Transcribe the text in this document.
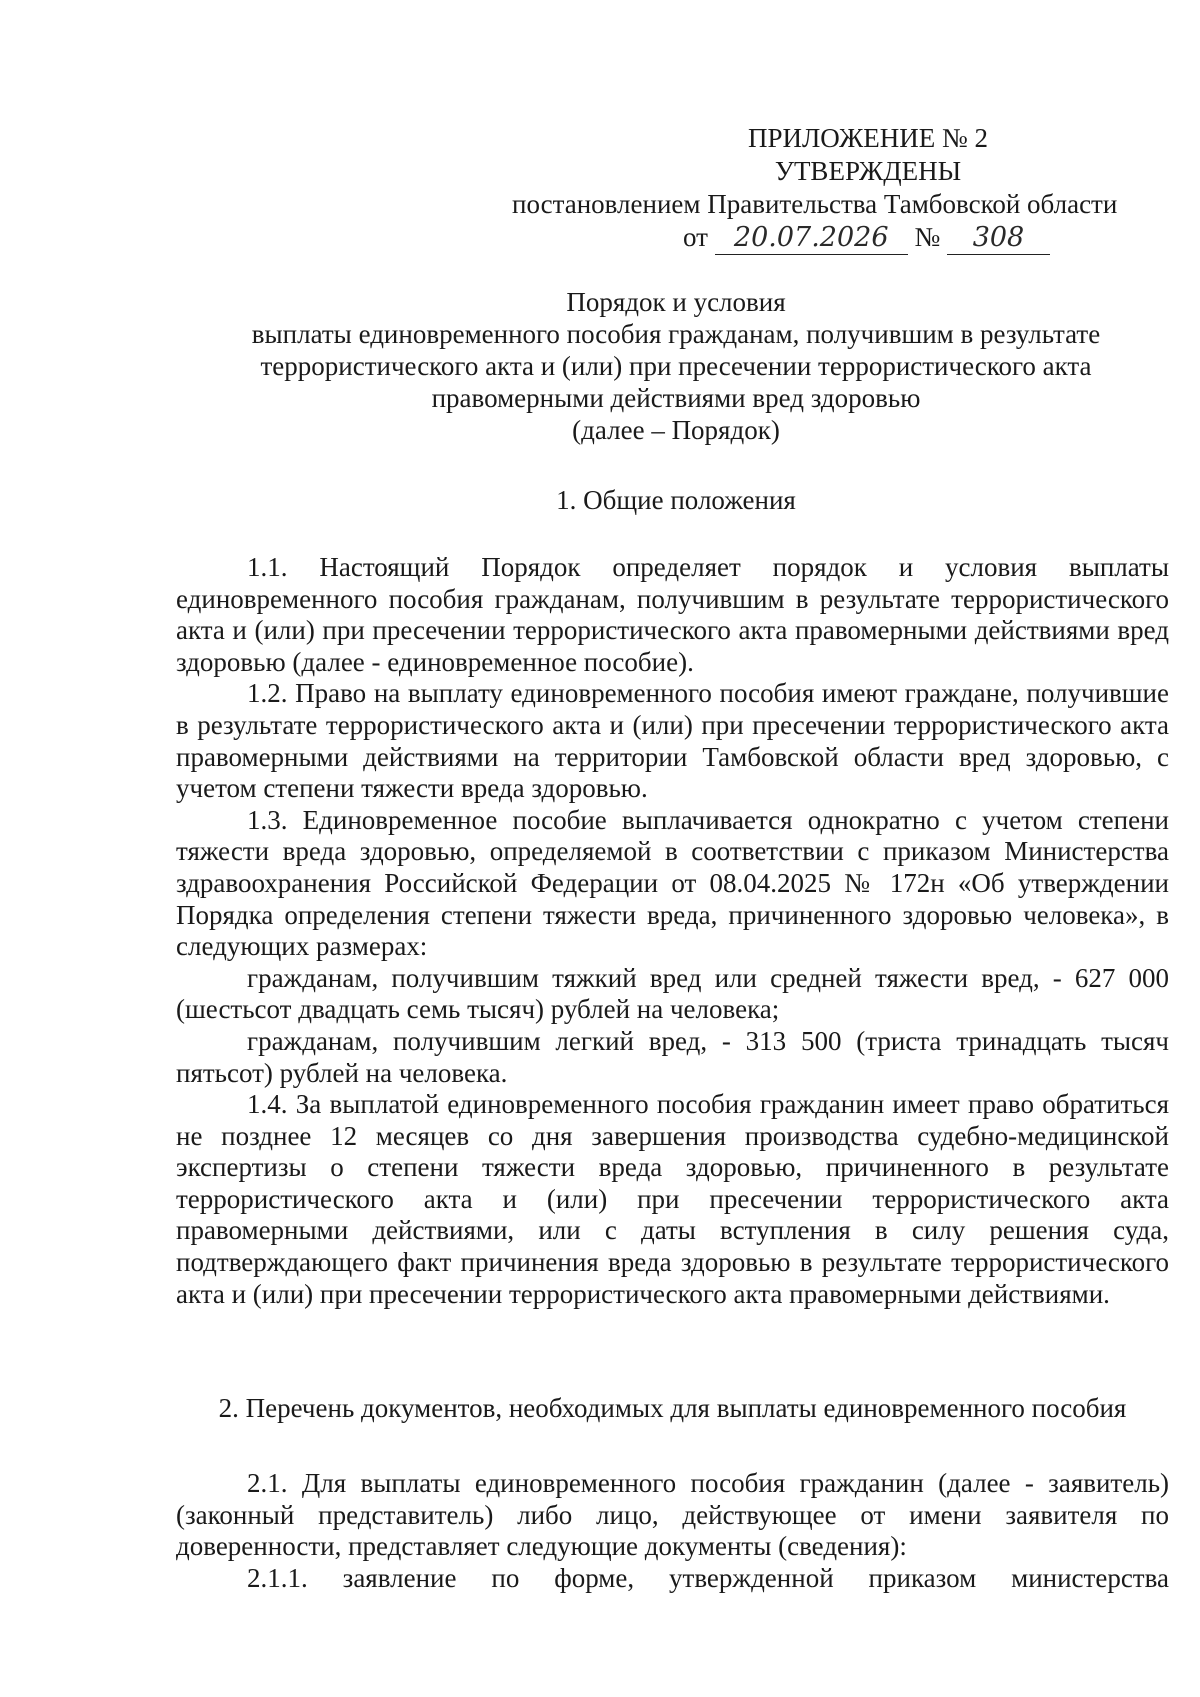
ПРИЛОЖЕНИЕ № 2
УТВЕРЖДЕНЫ
постановлением Правительства Тамбовской области
от 20.07.2026 № 308
Порядок и условия
выплаты единовременного пособия гражданам, получившим в результате
террористического акта и (или) при пресечении террористического акта
правомерными действиями вред здоровью
(далее – Порядок)
1. Общие положения

1.1. Настоящий Порядок определяет порядок и условия выплаты единовременного пособия гражданам, получившим в результате террористического акта и (или) при пресечении террористического акта правомерными действиями вред здоровью (далее - единовременное пособие).

1.2. Право на выплату единовременного пособия имеют граждане, получившие в результате террористического акта и (или) при пресечении террористического акта правомерными действиями на территории Тамбовской области вред здоровью, с учетом степени тяжести вреда здоровью.

1.3. Единовременное пособие выплачивается однократно с учетом степени тяжести вреда здоровью, определяемой в соответствии с приказом Министерства здравоохранения Российской Федерации от 08.04.2025 № 172н «Об утверждении Порядка определения степени тяжести вреда, причиненного здоровью человека», в следующих размерах:

гражданам, получившим тяжкий вред или средней тяжести вред, - 627 000 (шестьсот двадцать семь тысяч) рублей на человека;

гражданам, получившим легкий вред, - 313 500 (триста тринадцать тысяч пятьсот) рублей на человека.

1.4. За выплатой единовременного пособия гражданин имеет право обратиться не позднее 12 месяцев со дня завершения производства судебно-медицинской экспертизы о степени тяжести вреда здоровью, причиненного в результате террористического акта и (или) при пресечении террористического акта правомерными действиями, или с даты вступления в силу решения суда, подтверждающего факт причинения вреда здоровью в результате террористического акта и (или) при пресечении террористического акта правомерными действиями.

2. Перечень документов, необходимых для выплаты единовременного пособия

2.1. Для выплаты единовременного пособия гражданин (далее - заявитель) (законный представитель) либо лицо, действующее от имени заявителя по доверенности, представляет следующие документы (сведения):

2.1.1. заявление по форме, утвержденной приказом министерства
